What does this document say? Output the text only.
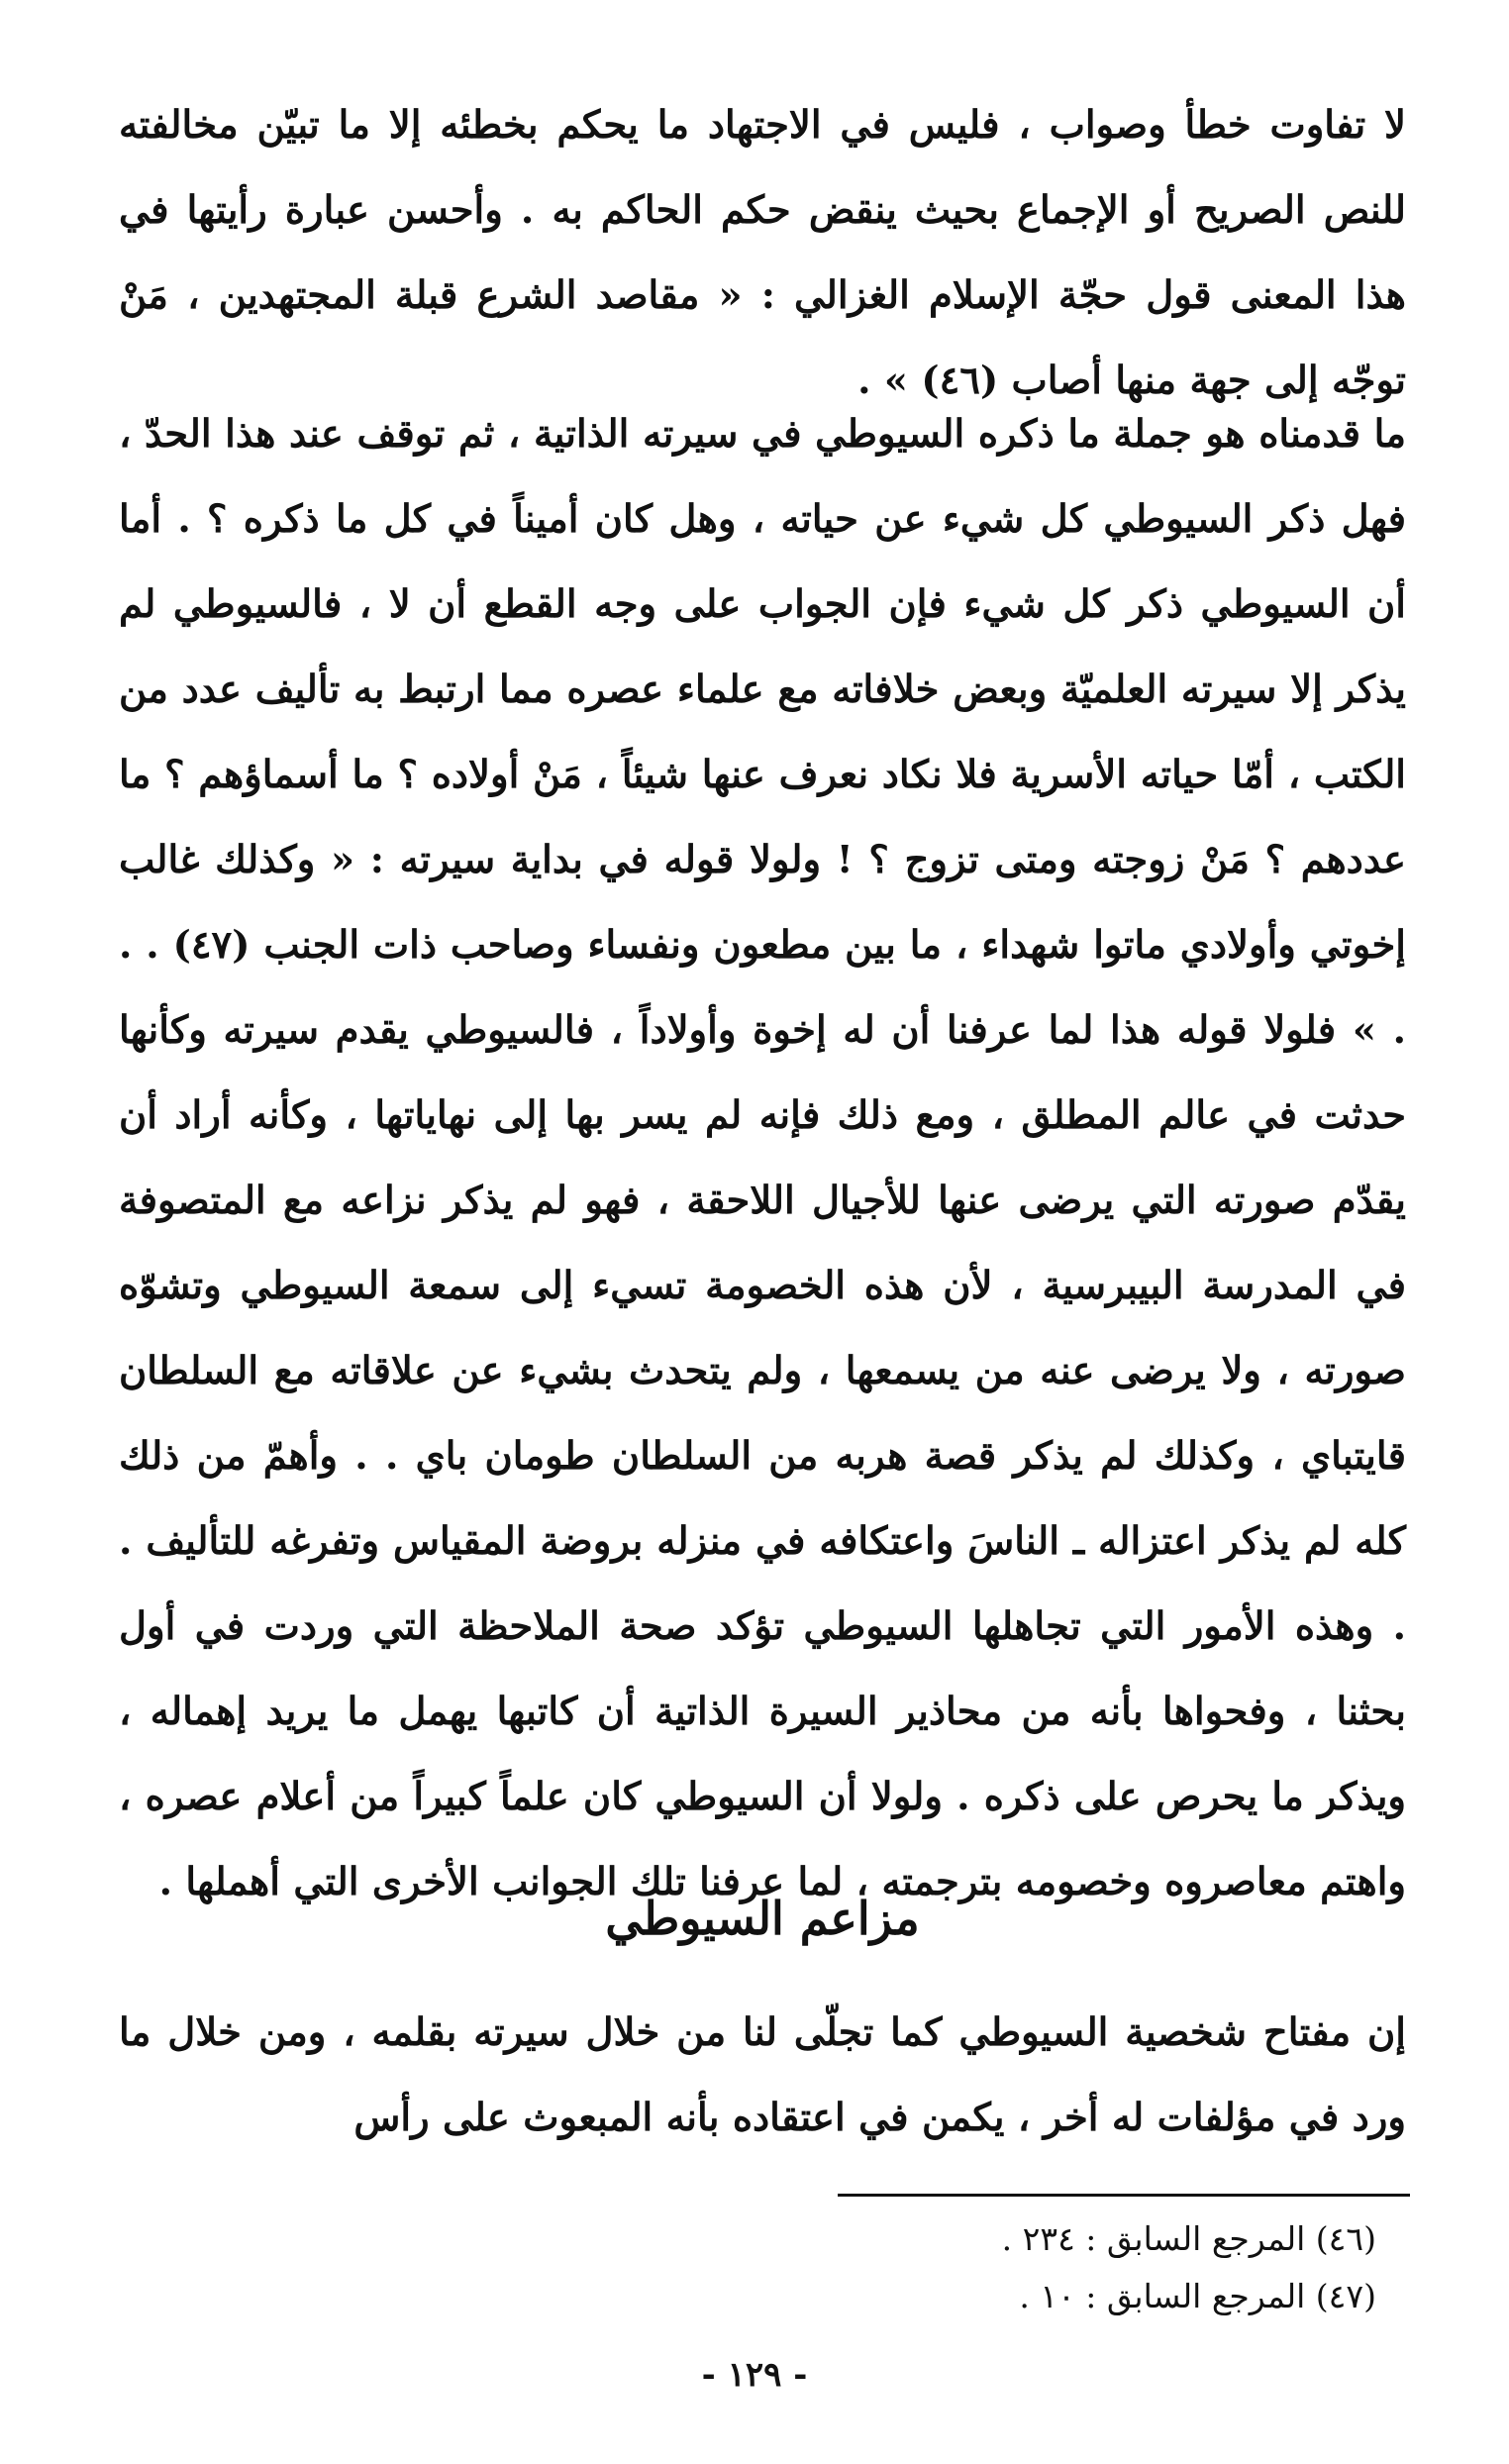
لا تفاوت خطأ وصواب ، فليس في الاجتهاد ما يحكم بخطئه إلا ما تبيّن مخالفته للنص الصريح أو الإجماع بحيث ينقض حكم الحاكم به . وأحسن عبارة رأيتها في هذا المعنى قول حجّة الإسلام الغزالي : « مقاصد الشرع قبلة المجتهدين ، مَنْ توجّه إلى جهة منها أصاب (٤٦) » .

ما قدمناه هو جملة ما ذكره السيوطي في سيرته الذاتية ، ثم توقف عند هذا الحدّ ، فهل ذكر السيوطي كل شيء عن حياته ، وهل كان أميناً في كل ما ذكره ؟ . أما أن السيوطي ذكر كل شيء فإن الجواب على وجه القطع أن لا ، فالسيوطي لم يذكر إلا سيرته العلميّة وبعض خلافاته مع علماء عصره مما ارتبط به تأليف عدد من الكتب ، أمّا حياته الأسرية فلا نكاد نعرف عنها شيئاً ، مَنْ أولاده ؟ ما أسماؤهم ؟ ما عددهم ؟ مَنْ زوجته ومتى تزوج ؟ ! ولولا قوله في بداية سيرته : « وكذلك غالب إخوتي وأولادي ماتوا شهداء ، ما بين مطعون ونفساء وصاحب ذات الجنب (٤٧) . . . » فلولا قوله هذا لما عرفنا أن له إخوة وأولاداً ، فالسيوطي يقدم سيرته وكأنها حدثت في عالم المطلق ، ومع ذلك فإنه لم يسر بها إلى نهاياتها ، وكأنه أراد أن يقدّم صورته التي يرضى عنها للأجيال اللاحقة ، فهو لم يذكر نزاعه مع المتصوفة في المدرسة البيبرسية ، لأن هذه الخصومة تسيء إلى سمعة السيوطي وتشوّه صورته ، ولا يرضى عنه من يسمعها ، ولم يتحدث بشيء عن علاقاته مع السلطان قايتباي ، وكذلك لم يذكر قصة هربه من السلطان طومان باي . . وأهمّ من ذلك كله لم يذكر اعتزاله ـ الناسَ واعتكافه في منزله بروضة المقياس وتفرغه للتأليف . . وهذه الأمور التي تجاهلها السيوطي تؤكد صحة الملاحظة التي وردت في أول بحثنا ، وفحواها بأنه من محاذير السيرة الذاتية أن كاتبها يهمل ما يريد إهماله ، ويذكر ما يحرص على ذكره . ولولا أن السيوطي كان علماً كبيراً من أعلام عصره ، واهتم معاصروه وخصومه بترجمته ، لما عرفنا تلك الجوانب الأخرى التي أهملها .

مزاعم السيوطي

إن مفتاح شخصية السيوطي كما تجلّى لنا من خلال سيرته بقلمه ، ومن خلال ما ورد في مؤلفات له أخر ، يكمن في اعتقاده بأنه المبعوث على رأس

(٤٦) المرجع السابق : ٢٣٤ .

(٤٧) المرجع السابق : ١٠ .

- ١٢٩ -
